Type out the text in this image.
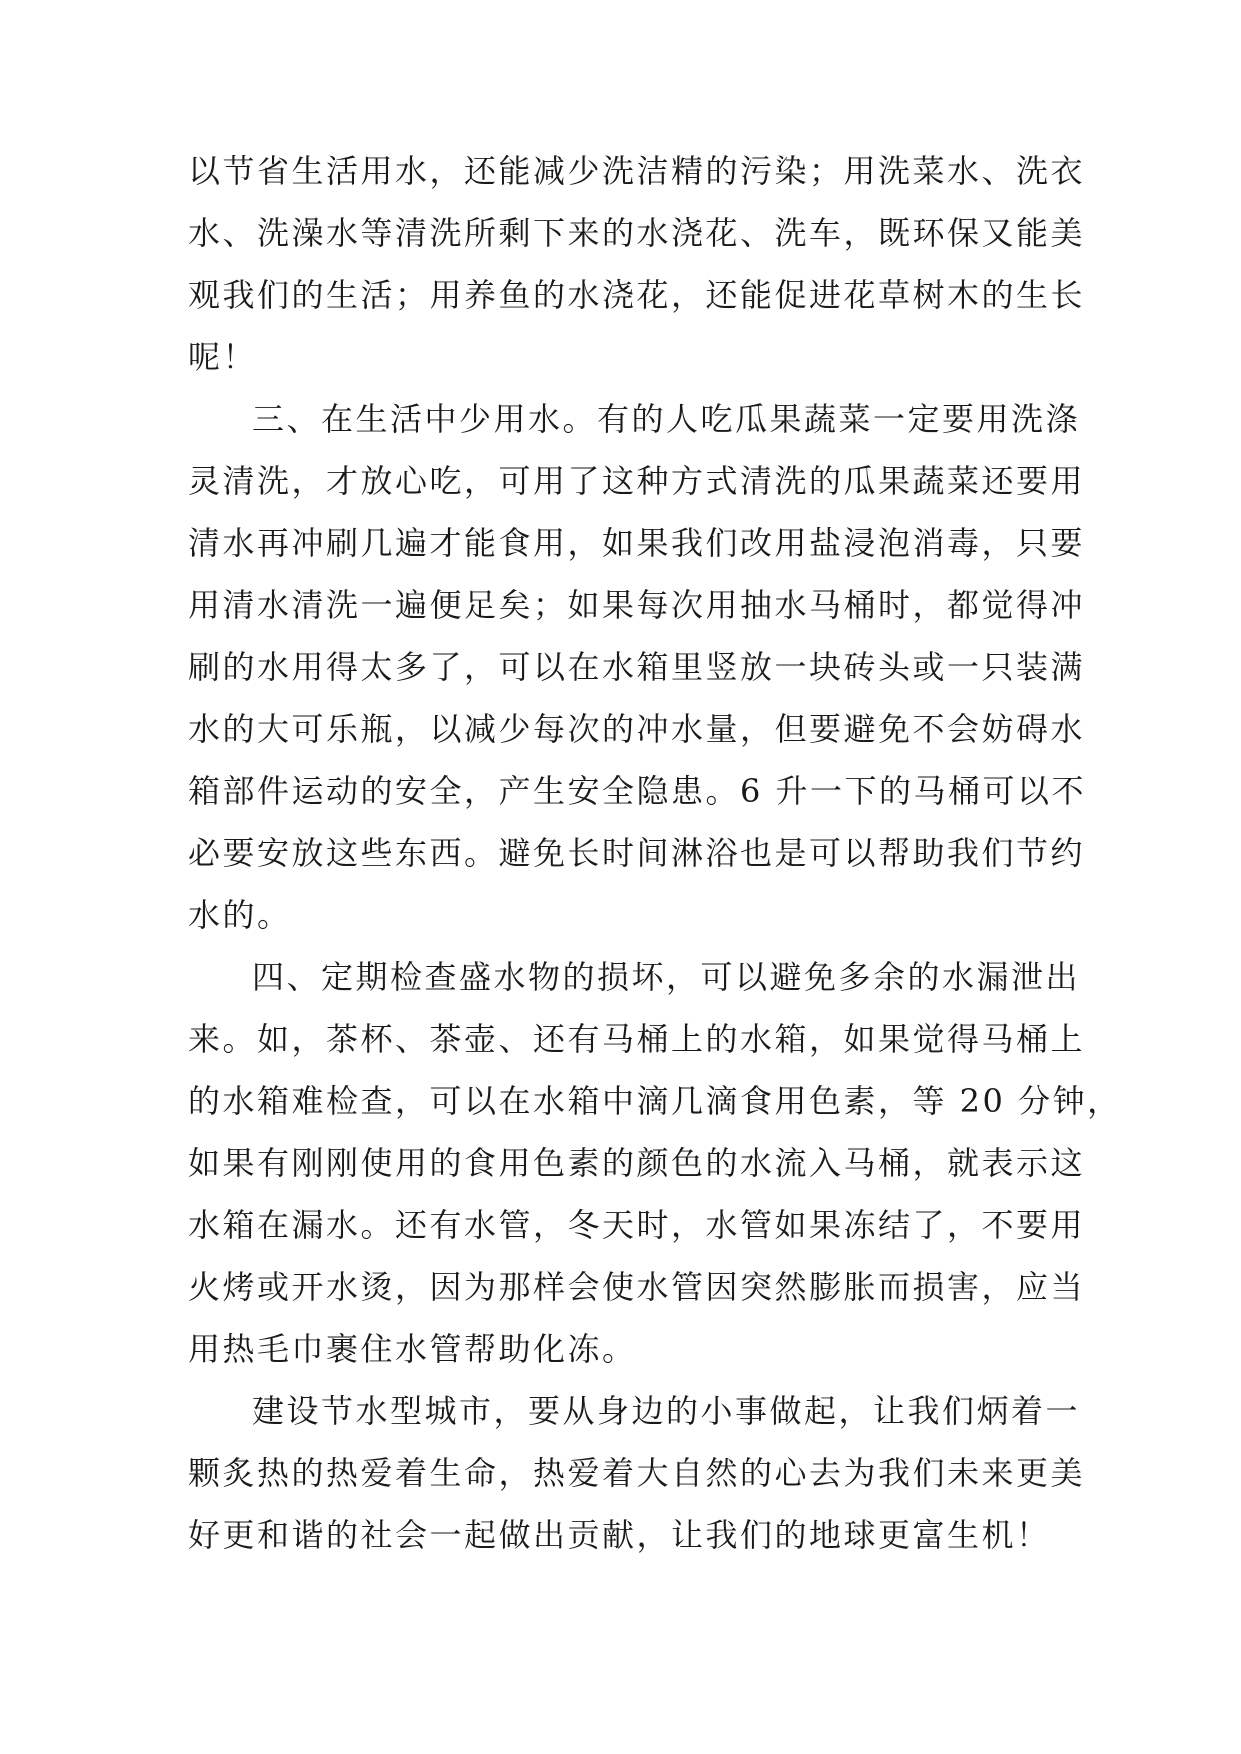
以节省生活用水，还能减少洗洁精的污染；用洗菜水、洗衣
水、洗澡水等清洗所剩下来的水浇花、洗车，既环保又能美
观我们的生活；用养鱼的水浇花，还能促进花草树木的生长
呢！
三、在生活中少用水。有的人吃瓜果蔬菜一定要用洗涤
灵清洗，才放心吃，可用了这种方式清洗的瓜果蔬菜还要用
清水再冲刷几遍才能食用，如果我们改用盐浸泡消毒，只要
用清水清洗一遍便足矣；如果每次用抽水马桶时，都觉得冲
刷的水用得太多了，可以在水箱里竖放一块砖头或一只装满
水的大可乐瓶，以减少每次的冲水量，但要避免不会妨碍水
箱部件运动的安全，产生安全隐患。6 升一下的马桶可以不
必要安放这些东西。避免长时间淋浴也是可以帮助我们节约
水的。
四、定期检查盛水物的损坏，可以避免多余的水漏泄出
来。如，茶杯、茶壶、还有马桶上的水箱，如果觉得马桶上
的水箱难检查，可以在水箱中滴几滴食用色素，等 20 分钟，
如果有刚刚使用的食用色素的颜色的水流入马桶，就表示这
水箱在漏水。还有水管，冬天时，水管如果冻结了，不要用
火烤或开水烫，因为那样会使水管因突然膨胀而损害，应当
用热毛巾裹住水管帮助化冻。
建设节水型城市，要从身边的小事做起，让我们炳着一
颗炙热的热爱着生命，热爱着大自然的心去为我们未来更美
好更和谐的社会一起做出贡献，让我们的地球更富生机！
